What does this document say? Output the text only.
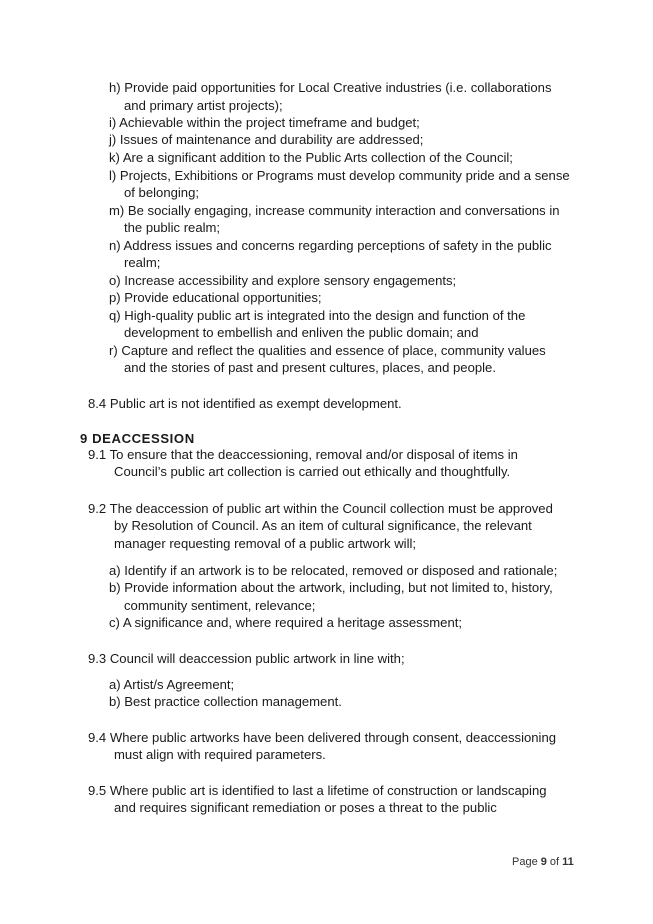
h) Provide paid opportunities for Local Creative industries (i.e. collaborations
and primary artist projects);
i) Achievable within the project timeframe and budget;
j) Issues of maintenance and durability are addressed;
k) Are a significant addition to the Public Arts collection of the Council;
l) Projects, Exhibitions or Programs must develop community pride and a sense
of belonging;
m) Be socially engaging, increase community interaction and conversations in
the public realm;
n) Address issues and concerns regarding perceptions of safety in the public
realm;
o) Increase accessibility and explore sensory engagements;
p) Provide educational opportunities;
q) High-quality public art is integrated into the design and function of the
development to embellish and enliven the public domain; and
r) Capture and reflect the qualities and essence of place, community values
and the stories of past and present cultures, places, and people.
8.4 Public art is not identified as exempt development.
9 DEACCESSION
9.1 To ensure that the deaccessioning, removal and/or disposal of items in
Council’s public art collection is carried out ethically and thoughtfully.
9.2 The deaccession of public art within the Council collection must be approved
by Resolution of Council. As an item of cultural significance, the relevant
manager requesting removal of a public artwork will;
a) Identify if an artwork is to be relocated, removed or disposed and rationale;
b) Provide information about the artwork, including, but not limited to, history,
community sentiment, relevance;
c) A significance and, where required a heritage assessment;
9.3 Council will deaccession public artwork in line with;
a) Artist/s Agreement;
b) Best practice collection management.
9.4 Where public artworks have been delivered through consent, deaccessioning
must align with required parameters.
9.5 Where public art is identified to last a lifetime of construction or landscaping
and requires significant remediation or poses a threat to the public
Page 9 of 11
